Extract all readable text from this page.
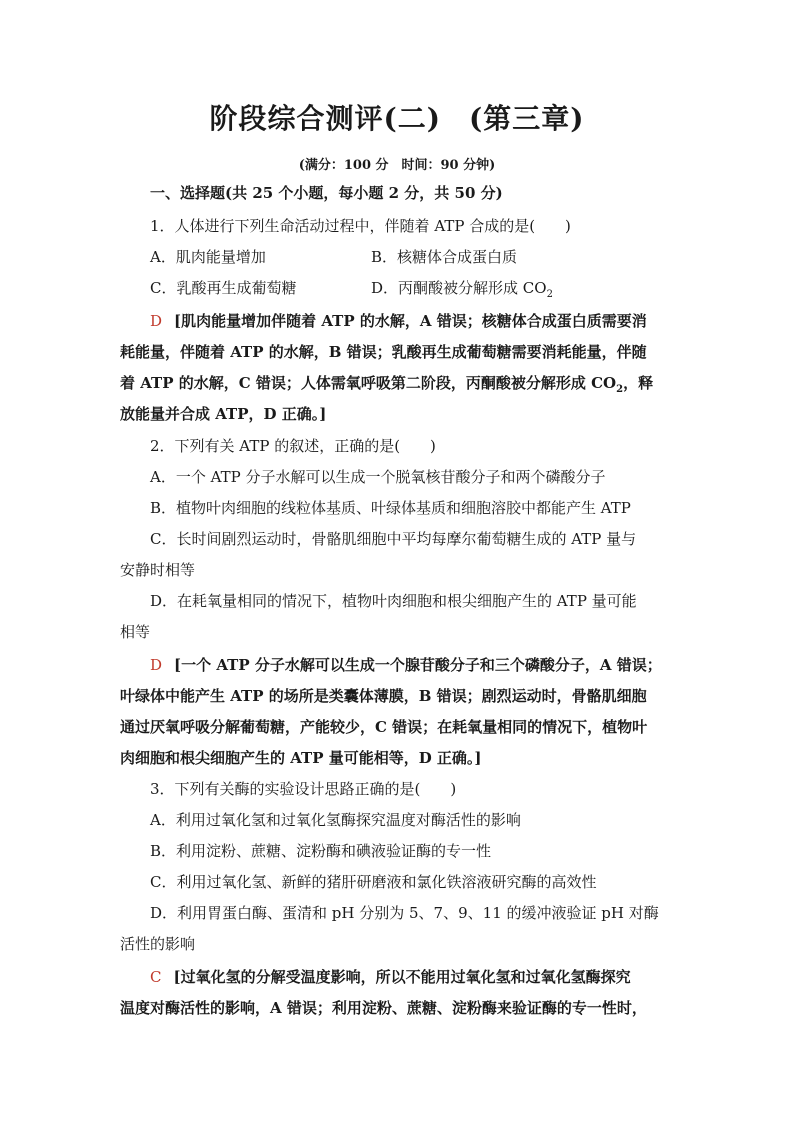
阶段综合测评(二) (第三章)
(满分：100 分　时间：90 分钟)
一、选择题(共 25 个小题，每小题 2 分，共 50 分)
1．人体进行下列生命活动过程中，伴随着 ATP 合成的是(　　)
A．肌肉能量增加	B．核糖体合成蛋白质
C．乳酸再生成葡萄糖	D．丙酮酸被分解形成 $CO_2$
D [肌肉能量增加伴随着 ATP 的水解，A 错误；核糖体合成蛋白质需要消
耗能量，伴随着 ATP 的水解，B 错误；乳酸再生成葡萄糖需要消耗能量，伴随
着 ATP 的水解，C 错误；人体需氧呼吸第二阶段，丙酮酸被分解形成 $CO_2$，释
放能量并合成 ATP，D 正确。]
2．下列有关 ATP 的叙述，正确的是(　　)
A．一个 ATP 分子水解可以生成一个脱氧核苷酸分子和两个磷酸分子
B．植物叶肉细胞的线粒体基质、叶绿体基质和细胞溶胶中都能产生 ATP
C．长时间剧烈运动时，骨骼肌细胞中平均每摩尔葡萄糖生成的 ATP 量与
安静时相等
D．在耗氧量相同的情况下，植物叶肉细胞和根尖细胞产生的 ATP 量可能
相等
D [一个 ATP 分子水解可以生成一个腺苷酸分子和三个磷酸分子，A 错误；
叶绿体中能产生 ATP 的场所是类囊体薄膜，B 错误；剧烈运动时，骨骼肌细胞
通过厌氧呼吸分解葡萄糖，产能较少，C 错误；在耗氧量相同的情况下，植物叶
肉细胞和根尖细胞产生的 ATP 量可能相等，D 正确。]
3．下列有关酶的实验设计思路正确的是(　　)
A．利用过氧化氢和过氧化氢酶探究温度对酶活性的影响
B．利用淀粉、蔗糖、淀粉酶和碘液验证酶的专一性
C．利用过氧化氢、新鲜的猪肝研磨液和氯化铁溶液研究酶的高效性
D．利用胃蛋白酶、蛋清和 pH 分别为 5、7、9、11 的缓冲液验证 pH 对酶
活性的影响
C [过氧化氢的分解受温度影响，所以不能用过氧化氢和过氧化氢酶探究
温度对酶活性的影响，A 错误；利用淀粉、蔗糖、淀粉酶来验证酶的专一性时，
